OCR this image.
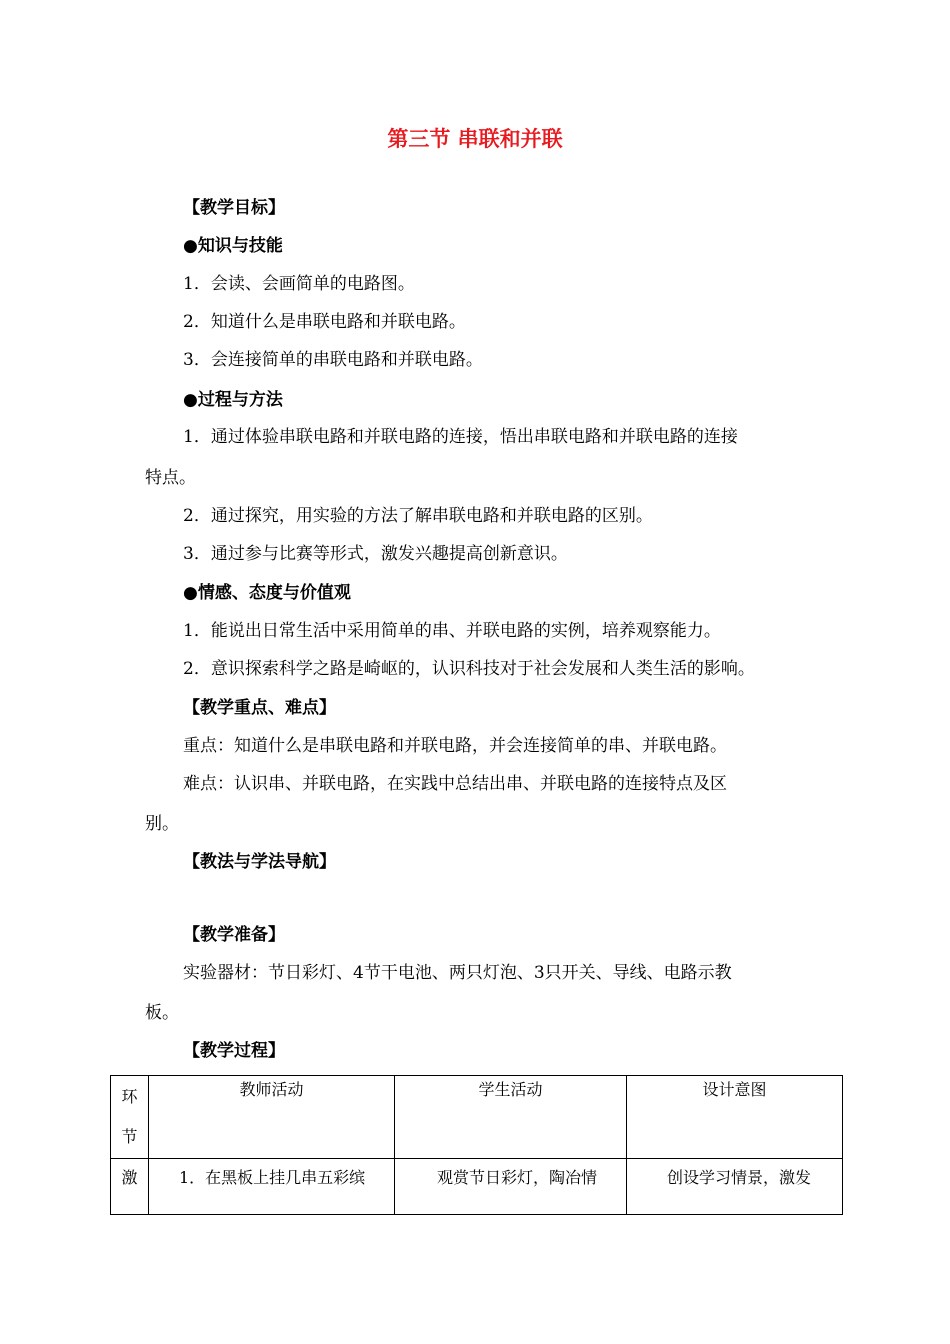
第三节 串联和并联
【教学目标】
●知识与技能
1．会读、会画简单的电路图。
2．知道什么是串联电路和并联电路。
3．会连接简单的串联电路和并联电路。
●过程与方法
1．通过体验串联电路和并联电路的连接，悟出串联电路和并联电路的连接
特点。
2．通过探究，用实验的方法了解串联电路和并联电路的区别。
3．通过参与比赛等形式，激发兴趣提高创新意识。
●情感、态度与价值观
1．能说出日常生活中采用简单的串、并联电路的实例，培养观察能力。
2．意识探索科学之路是崎岖的，认识科技对于社会发展和人类生活的影响。
【教学重点、难点】
重点：知道什么是串联电路和并联电路，并会连接简单的串、并联电路。
难点：认识串、并联电路，在实践中总结出串、并联电路的连接特点及区
别。
【教法与学法导航】
【教学准备】
实验器材：节日彩灯、4节干电池、两只灯泡、3只开关、导线、电路示教
板。
【教学过程】
环
节	教师活动	学生活动	设计意图
激	1．在黑板上挂几串五彩缤	观赏节日彩灯，陶冶情	创设学习情景，激发
